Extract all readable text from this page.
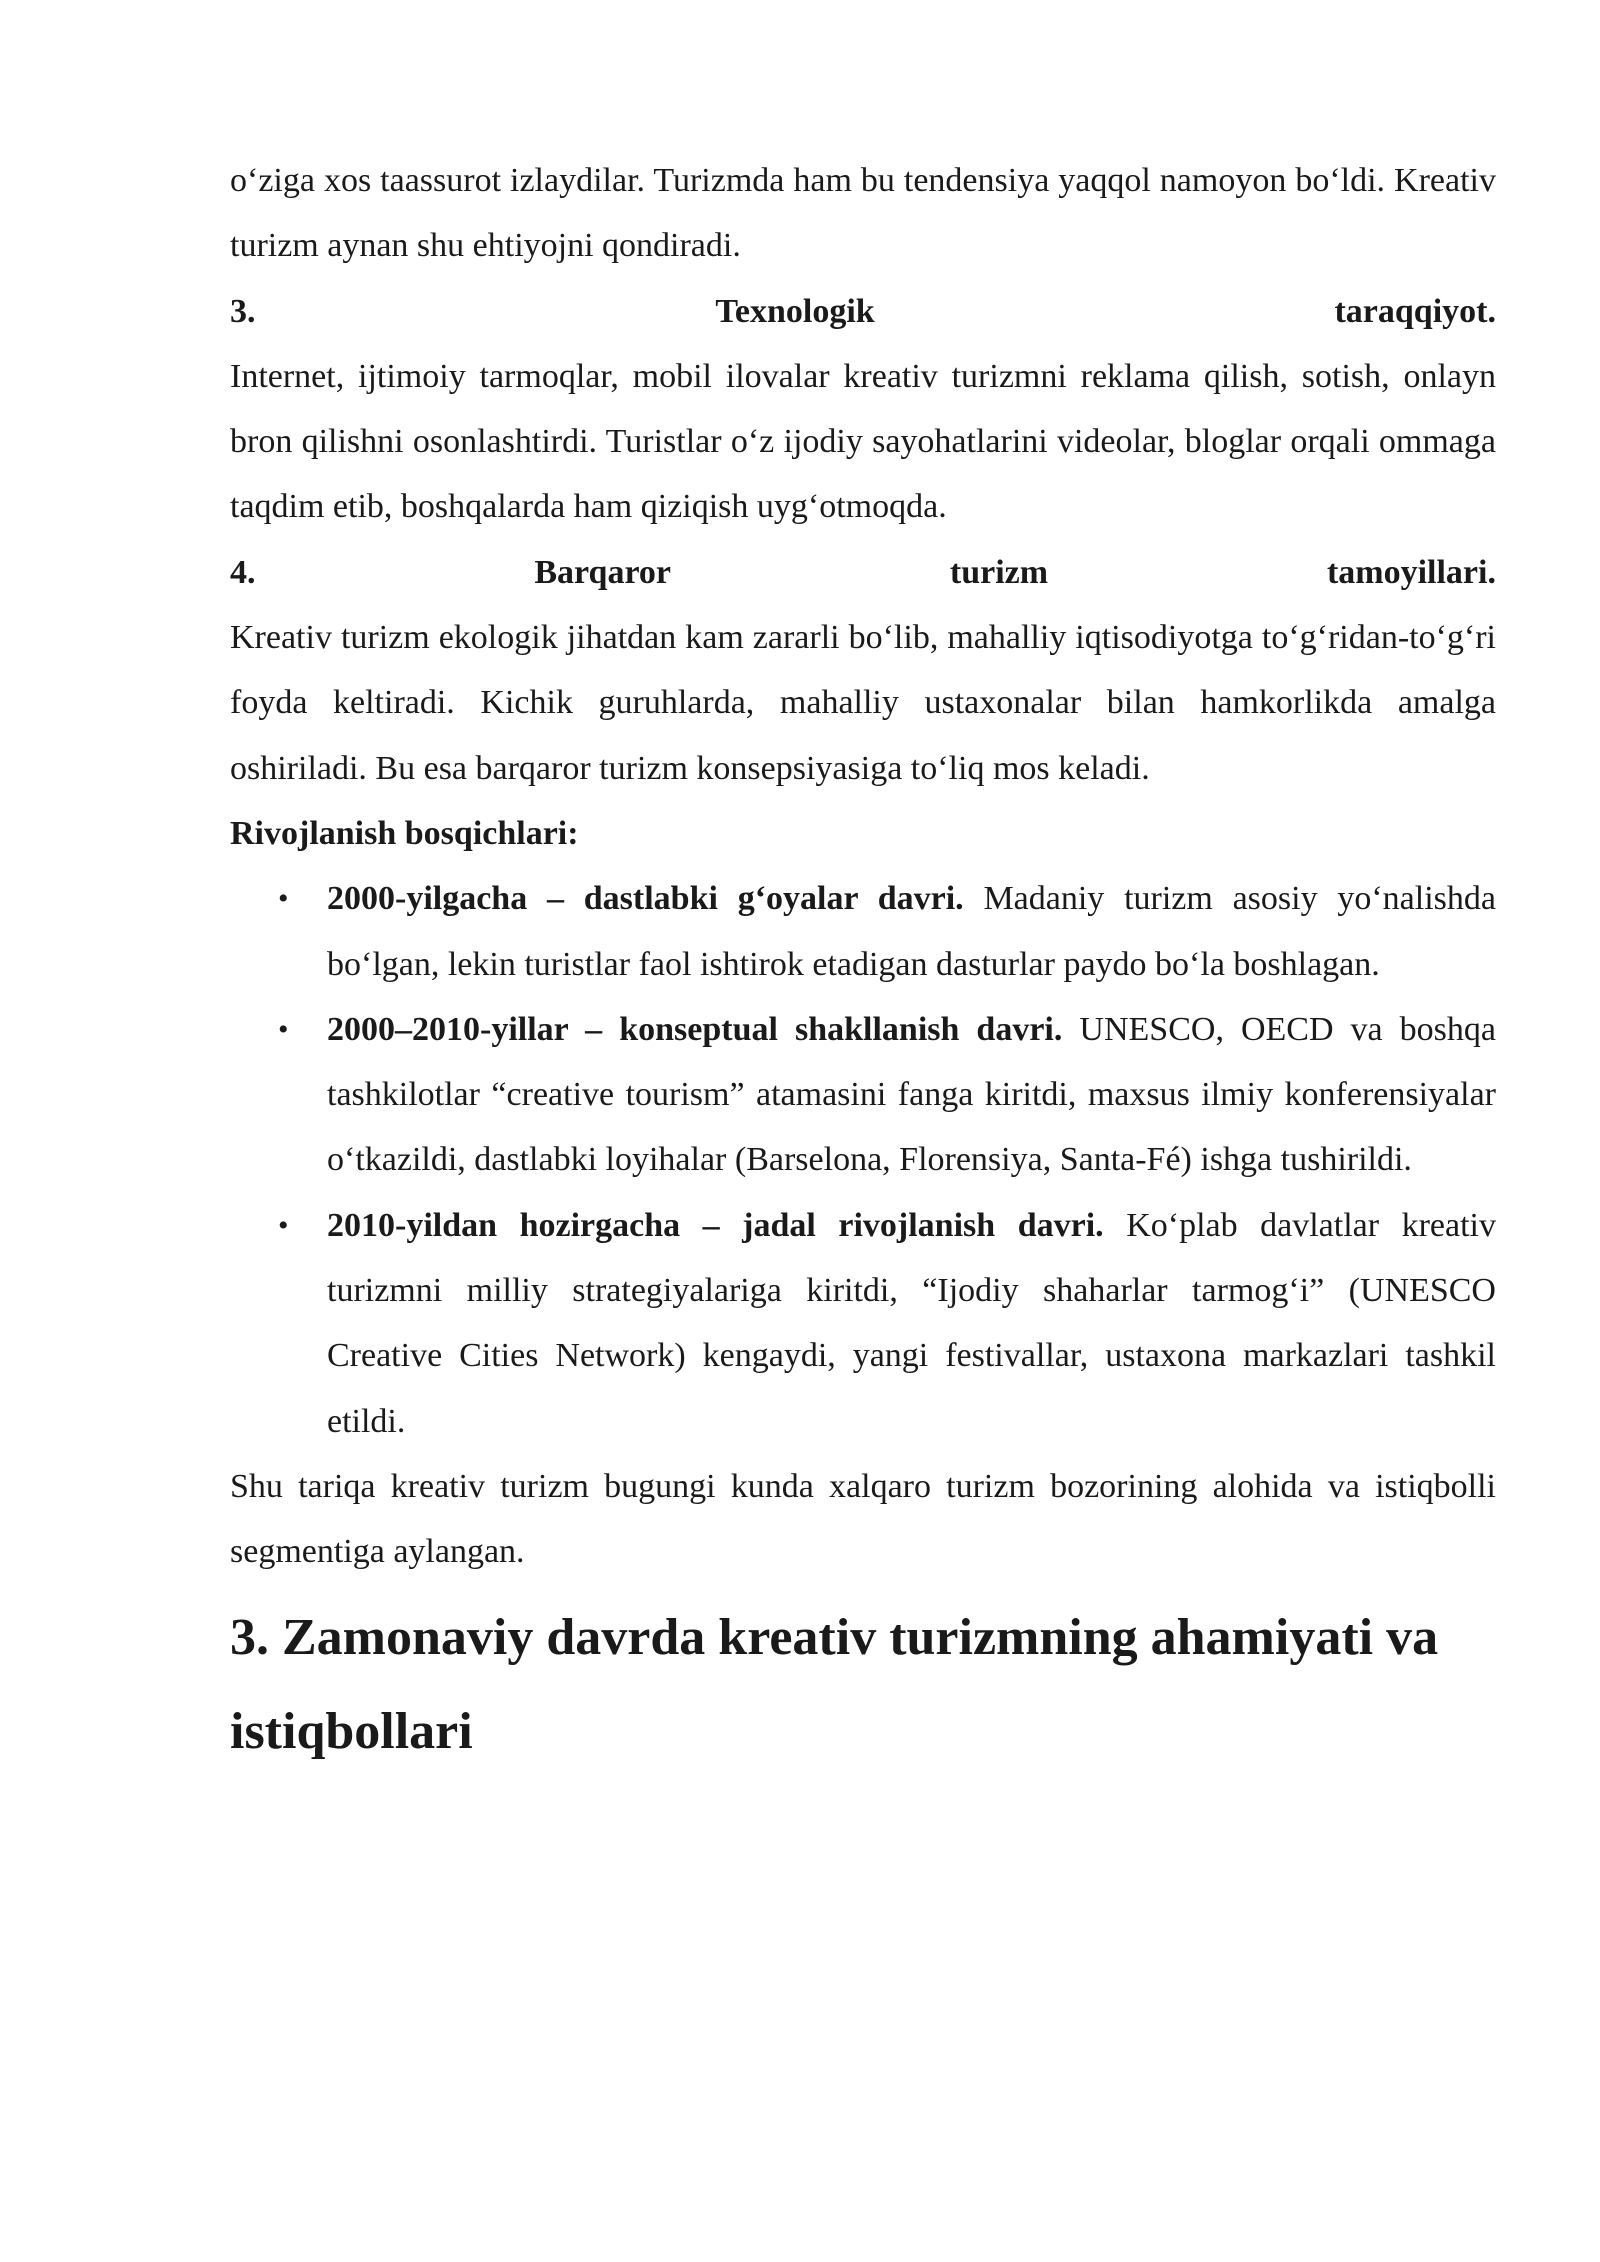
o‘ziga xos taassurot izlaydilar. Turizmda ham bu tendensiya yaqqol namoyon bo‘ldi. Kreativ turizm aynan shu ehtiyojni qondiradi.

3.	Texnologik	taraqqiyot.

Internet, ijtimoiy tarmoqlar, mobil ilovalar kreativ turizmni reklama qilish, sotish, onlayn bron qilishni osonlashtirdi. Turistlar o‘z ijodiy sayohatlarini videolar, bloglar orqali ommaga taqdim etib, boshqalarda ham qiziqish uyg‘otmoqda.

4.	Barqaror	turizm	tamoyillari.

Kreativ turizm ekologik jihatdan kam zararli bo‘lib, mahalliy iqtisodiyotga to‘g‘ridan-to‘g‘ri foyda keltiradi. Kichik guruhlarda, mahalliy ustaxonalar bilan hamkorlikda amalga oshiriladi. Bu esa barqaror turizm konsepsiyasiga to‘liq mos keladi.

Rivojlanish bosqichlari:

• 2000-yilgacha – dastlabki g‘oyalar davri. Madaniy turizm asosiy yo‘nalishda bo‘lgan, lekin turistlar faol ishtirok etadigan dasturlar paydo bo‘la boshlagan.
• 2000–2010-yillar – konseptual shakllanish davri. UNESCO, OECD va boshqa tashkilotlar “creative tourism” atamasini fanga kiritdi, maxsus ilmiy konferensiyalar o‘tkazildi, dastlabki loyihalar (Barselona, Florensiya, Santa-Fé) ishga tushirildi.
• 2010-yildan hozirgacha – jadal rivojlanish davri. Ko‘plab davlatlar kreativ turizmni milliy strategiyalariga kiritdi, “Ijodiy shaharlar tarmog‘i” (UNESCO Creative Cities Network) kengaydi, yangi festivallar, ustaxona markazlari tashkil etildi.

Shu tariqa kreativ turizm bugungi kunda xalqaro turizm bozorining alohida va istiqbolli segmentiga aylangan.

3. Zamonaviy davrda kreativ turizmning ahamiyati va istiqbollari
